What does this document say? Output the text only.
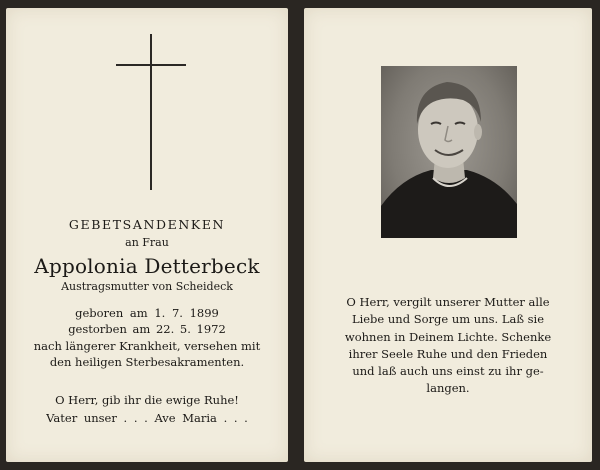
GEBETSANDENKEN
an Frau
Appolonia Detterbeck
Austragsmutter von Scheideck
geboren am 1. 7. 1899
gestorben am 22. 5. 1972
nach längerer Krankheit, versehen mit
den heiligen Sterbesakramenten.
O Herr, gib ihr die ewige Ruhe!
Vater unser . . . Ave Maria . . .
O Herr, vergilt unserer Mutter alle
Liebe und Sorge um uns. Laß sie
wohnen in Deinem Lichte. Schenke
ihrer Seele Ruhe und den Frieden
und laß auch uns einst zu ihr ge-
langen.
